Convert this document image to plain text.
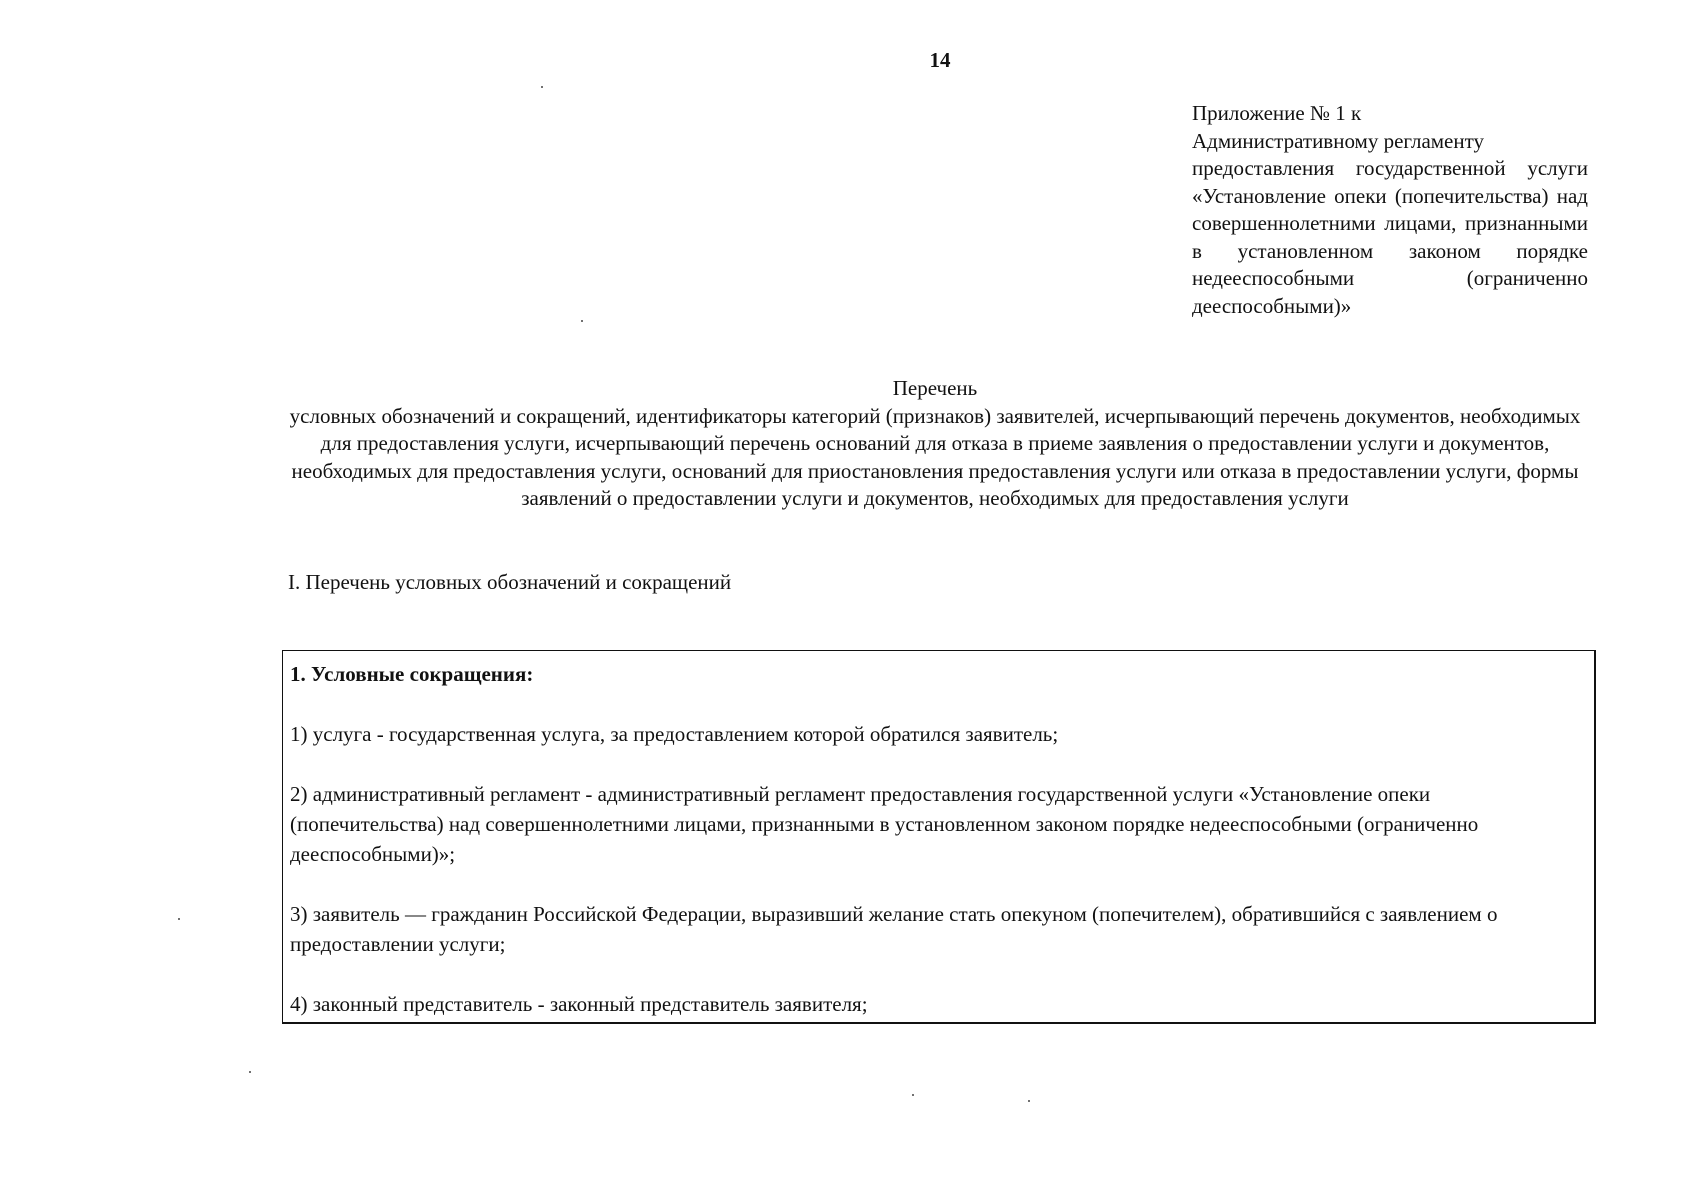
14
Приложение № 1 к
Административному регламенту
предоставления государственной услуги «Установление опеки (попечительства) над совершеннолетними лицами, признанными в установленном законом порядке недееспособными (ограниченно дееспособными)»
Перечень
условных обозначений и сокращений, идентификаторы категорий (признаков) заявителей, исчерпывающий перечень документов, необходимых для предоставления услуги, исчерпывающий перечень оснований для отказа в приеме заявления о предоставлении услуги и документов, необходимых для предоставления услуги, оснований для приостановления предоставления услуги или отказа в предоставлении услуги, формы заявлений о предоставлении услуги и документов, необходимых для предоставления услуги
I. Перечень условных обозначений и сокращений
1. Условные сокращения:
1) услуга - государственная услуга, за предоставлением которой обратился заявитель;
2) административный регламент - административный регламент предоставления государственной услуги «Установление опеки (попечительства) над совершеннолетними лицами, признанными в установленном законом порядке недееспособными (ограниченно дееспособными)»;
3) заявитель — гражданин Российской Федерации, выразивший желание стать опекуном (попечителем), обратившийся с заявлением о предоставлении услуги;
4) законный представитель - законный представитель заявителя;
